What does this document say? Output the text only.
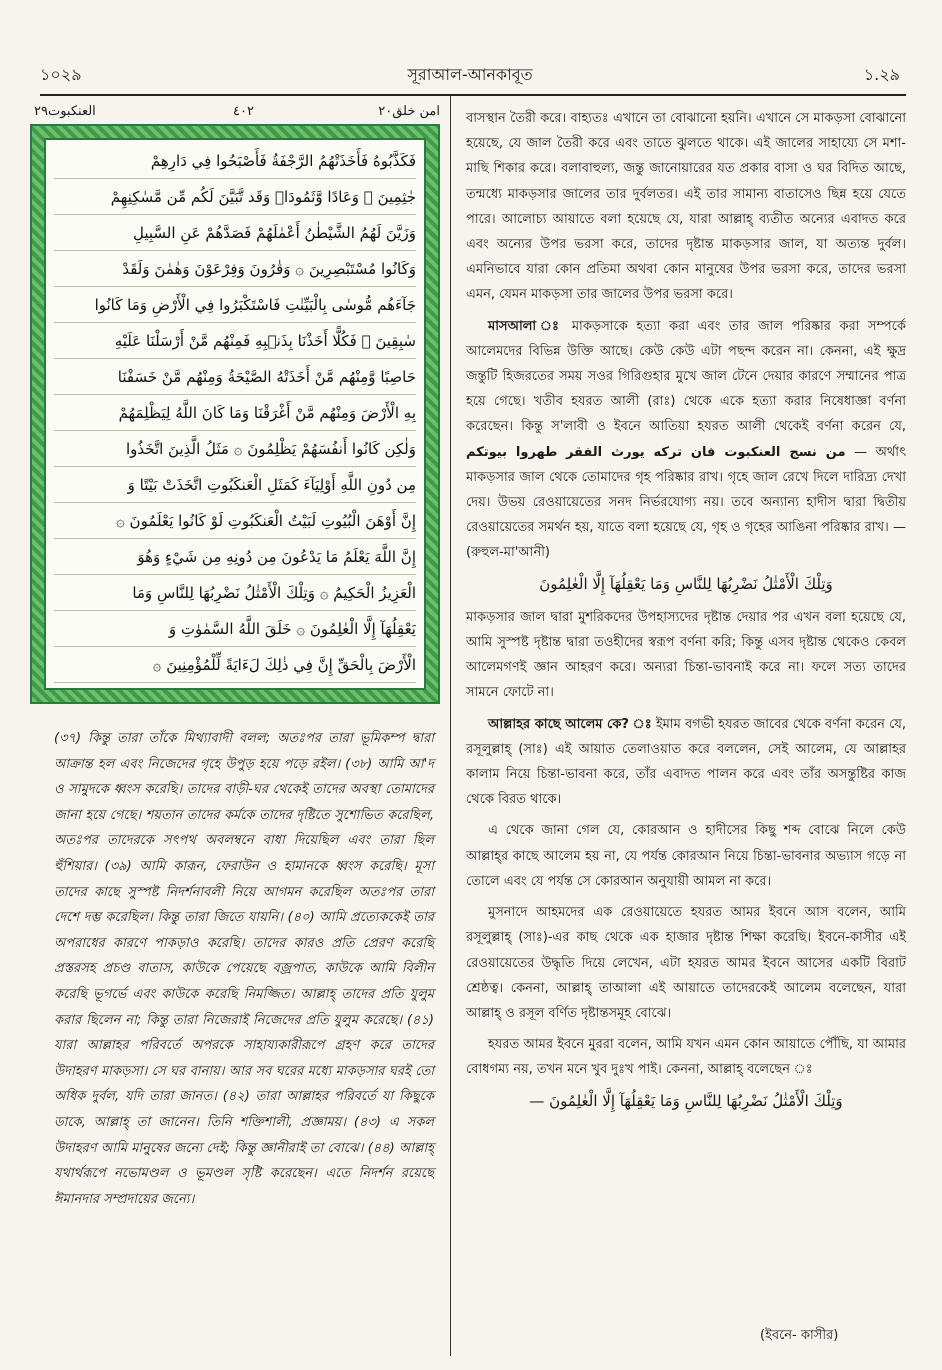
১০২৯	সূরাআল-আনকাবূত	১.২৯
امن خلق٢٠
٤٠٢
العنكبوت٢٩
فَكَذَّبُوهُ فَأَخَذَتْهُمُ الرَّجْفَةُ فَأَصْبَحُوا فِي دَارِهِمْ
جٰثِمِينَ ۞ وَعَادًا وَّثَمُودَا۟ وَقَد تَّبَيَّنَ لَكُم مِّن مَّسٰكِنِهِمْ
وَزَيَّنَ لَهُمُ الشَّيْطٰنُ أَعْمٰلَهُمْ فَصَدَّهُمْ عَنِ السَّبِيلِ
وَكَانُوا مُسْتَبْصِرِينَ ۞ وَقٰرُونَ وَفِرْعَوْنَ وَهٰمٰنَ وَلَقَدْ
جَآءَهُم مُّوسٰى بِالْبَيِّنٰتِ فَاسْتَكْبَرُوا فِي الْأَرْضِ وَمَا كَانُوا
سٰبِقِينَ ۞ فَكُلًّا أَخَذْنَا بِذَنۢبِهِ فَمِنْهُم مَّنْ أَرْسَلْنَا عَلَيْهِ
حَاصِبًا وَّمِنْهُم مَّنْ أَخَذَتْهُ الصَّيْحَةُ وَمِنْهُم مَّنْ خَسَفْنَا
بِهِ الْأَرْضَ وَمِنْهُم مَّنْ أَغْرَقْنَا وَمَا كَانَ اللَّهُ لِيَظْلِمَهُمْ
وَلٰكِن كَانُوا أَنفُسَهُمْ يَظْلِمُونَ ۞ مَثَلُ الَّذِينَ اتَّخَذُوا
مِن دُونِ اللَّهِ أَوْلِيَآءَ كَمَثَلِ الْعَنكَبُوتِ اتَّخَذَتْ بَيْتًا وَ
إِنَّ أَوْهَنَ الْبُيُوتِ لَبَيْتُ الْعَنكَبُوتِ لَوْ كَانُوا يَعْلَمُونَ ۞
إِنَّ اللَّهَ يَعْلَمُ مَا يَدْعُونَ مِن دُونِهِ مِن شَيْءٍ وَهُوَ
الْعَزِيزُ الْحَكِيمُ ۞ وَتِلْكَ الْأَمْثٰلُ نَضْرِبُهَا لِلنَّاسِ وَمَا
يَعْقِلُهَآ إِلَّا الْعٰلِمُونَ ۞ خَلَقَ اللَّهُ السَّمٰوٰتِ وَ
الْأَرْضَ بِالْحَقِّ إِنَّ فِي ذٰلِكَ لَءَايَةً لِّلْمُؤْمِنِينَ ۞

(৩৭) কিন্তু তারা তাঁকে মিথ্যাবাদী বলল; অতঃপর তারা ভূমিকম্প দ্বারা আক্রান্ত হল এবং নিজেদের গৃহে উপুড় হয়ে পড়ে রইল। (৩৮) আমি আ'দ ও সামুদকে ধ্বংস করেছি। তাদের বাড়ী-ঘর থেকেই তাদের অবস্থা তোমাদের জানা হয়ে গেছে। শয়তান তাদের কর্মকে তাদের দৃষ্টিতে সুশোভিত করেছিল, অতঃপর তাদেরকে সৎপথ অবলম্বনে বাধা দিয়েছিল এবং তারা ছিল হুঁশিয়ার। (৩৯) আমি কারূন, ফেরাউন ও হামানকে ধ্বংস করেছি। মূসা তাদের কাছে সুস্পষ্ট নিদর্শনাবলী নিয়ে আগমন করেছিল অতঃপর তারা দেশে দম্ভ করেছিল। কিন্তু তারা জিতে যায়নি। (৪০) আমি প্রত্যেককেই তার অপরাধের কারণে পাকড়াও করেছি। তাদের কারও প্রতি প্রেরণ করেছি প্রস্তরসহ প্রচণ্ড বাতাস, কাউকে পেয়েছে বজ্রপাত, কাউকে আমি বিলীন করেছি ভূগর্ভে এবং কাউকে করেছি নিমজ্জিত। আল্লাহ্ তাদের প্রতি যুলুম করার ছিলেন না; কিন্তু তারা নিজেরাই নিজেদের প্রতি যুলুম করেছে। (৪১) যারা আল্লাহর পরিবর্তে অপরকে সাহায্যকারীরূপে গ্রহণ করে তাদের উদাহরণ মাকড়সা। সে ঘর বানায়। আর সব ঘরের মধ্যে মাকড়সার ঘরই তো অধিক দুর্বল, যদি তারা জানত। (৪২) তারা আল্লাহর পরিবর্তে যা কিছুকে ডাকে, আল্লাহ্ তা জানেন। তিনি শক্তিশালী, প্রজ্ঞাময়। (৪৩) এ সকল উদাহরণ আমি মানুষের জন্যে দেই; কিন্তু জ্ঞানীরাই তা বোঝে। (৪৪) আল্লাহ্ যথার্থরূপে নভোমণ্ডল ও ভূমণ্ডল সৃষ্টি করেছেন। এতে নিদর্শন রয়েছে ঈমানদার সম্প্রদায়ের জন্যে।

বাসস্থান তৈরী করে। বাহ্যতঃ এখানে তা বোঝানো হয়নি। এখানে সে মাকড়সা বোঝানো হয়েছে, যে জাল তৈরী করে এবং তাতে ঝুলতে থাকে। এই জালের সাহায্যে সে মশা-মাছি শিকার করে। বলাবাহুল্য, জন্তু জানোয়ারের যত প্রকার বাসা ও ঘর বিদিত আছে, তন্মধ্যে মাকড়সার জালের তার দুর্বলতর। এই তার সামান্য বাতাসেও ছিন্ন হয়ে যেতে পারে। আলোচ্য আয়াতে বলা হয়েছে যে, যারা আল্লাহ্ ব্যতীত অন্যের এবাদত করে এবং অন্যের উপর ভরসা করে, তাদের দৃষ্টান্ত মাকড়সার জাল, যা অত্যন্ত দুর্বল। এমনিভাবে যারা কোন প্রতিমা অথবা কোন মানুষের উপর ভরসা করে, তাদের ভরসা এমন, যেমন মাকড়সা তার জালের উপর ভরসা করে।

মাসআলা ঃ মাকড়সাকে হত্যা করা এবং তার জাল পরিষ্কার করা সম্পর্কে আলেমদের বিভিন্ন উক্তি আছে। কেউ কেউ এটা পছন্দ করেন না। কেননা, এই ক্ষুদ্র জন্তুটি হিজরতের সময় সওর গিরিগুহার মুখে জাল টেনে দেয়ার কারণে সম্মানের পাত্র হয়ে গেছে। খতীব হযরত আলী (রাঃ) থেকে একে হত্যা করার নিষেধাজ্ঞা বর্ণনা করেছেন। কিন্তু স'লাবী ও ইবনে আতিয়া হযরত আলী থেকেই বর্ণনা করেন যে, طهروا بيوتكم من نسج العنكبوت فان تركه يورث الفقر — অর্থাৎ মাকড়সার জাল থেকে তোমাদের গৃহ পরিষ্কার রাখ। গৃহে জাল রেখে দিলে দারিদ্র্য দেখা দেয়। উভয় রেওয়ায়েতের সনদ নির্ভরযোগ্য নয়। তবে অন্যান্য হাদীস দ্বারা দ্বিতীয় রেওয়ায়েতের সমর্থন হয়, যাতে বলা হয়েছে যে, গৃহ ও গৃহের আঙিনা পরিষ্কার রাখ। — (রুহুল-মা'আনী)

وَتِلْكَ الْأَمْثٰلُ نَضْرِبُهَا لِلنَّاسِ وَمَا يَعْقِلُهَآ إِلَّا الْعٰلِمُونَ

মাকড়সার জাল দ্বারা মুশরিকদের উপহাস্যদের দৃষ্টান্ত দেয়ার পর এখন বলা হয়েছে যে, আমি সুস্পষ্ট দৃষ্টান্ত দ্বারা তওহীদের স্বরূপ বর্ণনা করি; কিন্তু এসব দৃষ্টান্ত থেকেও কেবল আলেমগণই জ্ঞান আহরণ করে। অন্যরা চিন্তা-ভাবনাই করে না। ফলে সত্য তাদের সামনে ফোটে না।

আল্লাহর কাছে আলেম কে? ঃ ইমাম বগভী হযরত জাবের থেকে বর্ণনা করেন যে, রসূলুল্লাহ্ (সাঃ) এই আয়াত তেলাওয়াত করে বললেন, সেই আলেম, যে আল্লাহর কালাম নিয়ে চিন্তা-ভাবনা করে, তাঁর এবাদত পালন করে এবং তাঁর অসন্তুষ্টির কাজ থেকে বিরত থাকে।

এ থেকে জানা গেল যে, কোরআন ও হাদীসের কিছু শব্দ বোঝে নিলে কেউ আল্লাহ্‌র কাছে আলেম হয় না, যে পর্যন্ত কোরআন নিয়ে চিন্তা-ভাবনার অভ্যাস গড়ে না তোলে এবং যে পর্যন্ত সে কোরআন অনুযায়ী আমল না করে।

মুসনাদে আহমদের এক রেওয়ায়েতে হযরত আমর ইবনে আস বলেন, আমি রসূলুল্লাহ্ (সাঃ)-এর কাছ থেকে এক হাজার দৃষ্টান্ত শিক্ষা করেছি। ইবনে-কাসীর এই রেওয়ায়েতের উদ্ধৃতি দিয়ে লেখেন, এটা হযরত আমর ইবনে আসের একটি বিরাট শ্রেষ্ঠত্ব। কেননা, আল্লাহ্ তাআলা এই আয়াতে তাদেরকেই আলেম বলেছেন, যারা আল্লাহ্ ও রসূল বর্ণিত দৃষ্টান্তসমূহ বোঝে।

হযরত আমর ইবনে মুররা বলেন, আমি যখন এমন কোন আয়াতে পৌঁছি, যা আমার বোধগম্য নয়, তখন মনে খুব দুঃখ পাই। কেননা, আল্লাহ্ বলেছেন ঃ

وَتِلْكَ الْأَمْثٰلُ نَضْرِبُهَا لِلنَّاسِ وَمَا يَعْقِلُهَآ إِلَّا الْعٰلِمُونَ —

(ইবনে- কাসীর)
